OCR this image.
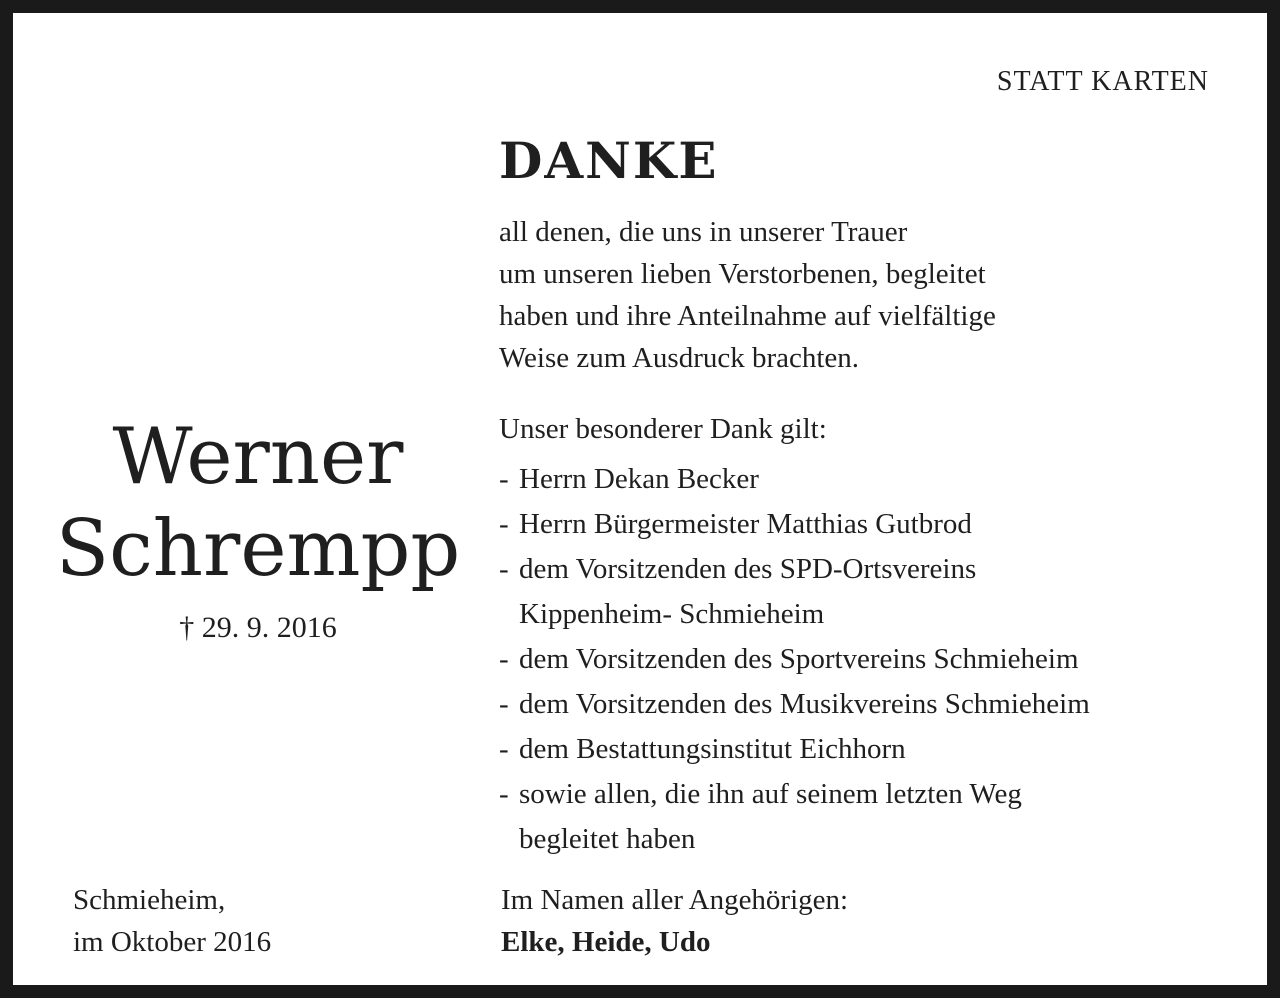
STATT KARTEN
DANKE
all denen, die uns in unserer Trauer
um unseren lieben Verstorbenen, begleitet
haben und ihre Anteilnahme auf vielfältige
Weise zum Ausdruck brachten.
Werner
Schrempp
† 29. 9. 2016
Unser besonderer Dank gilt:
- Herrn Dekan Becker
- Herrn Bürgermeister Matthias Gutbrod
- dem Vorsitzenden des SPD-Ortsvereins
Kippenheim- Schmieheim
- dem Vorsitzenden des Sportvereins Schmieheim
- dem Vorsitzenden des Musikvereins Schmieheim
- dem Bestattungsinstitut Eichhorn
- sowie allen, die ihn auf seinem letzten Weg
begleitet haben
Schmieheim,
im Oktober 2016
Im Namen aller Angehörigen:
Elke, Heide, Udo
